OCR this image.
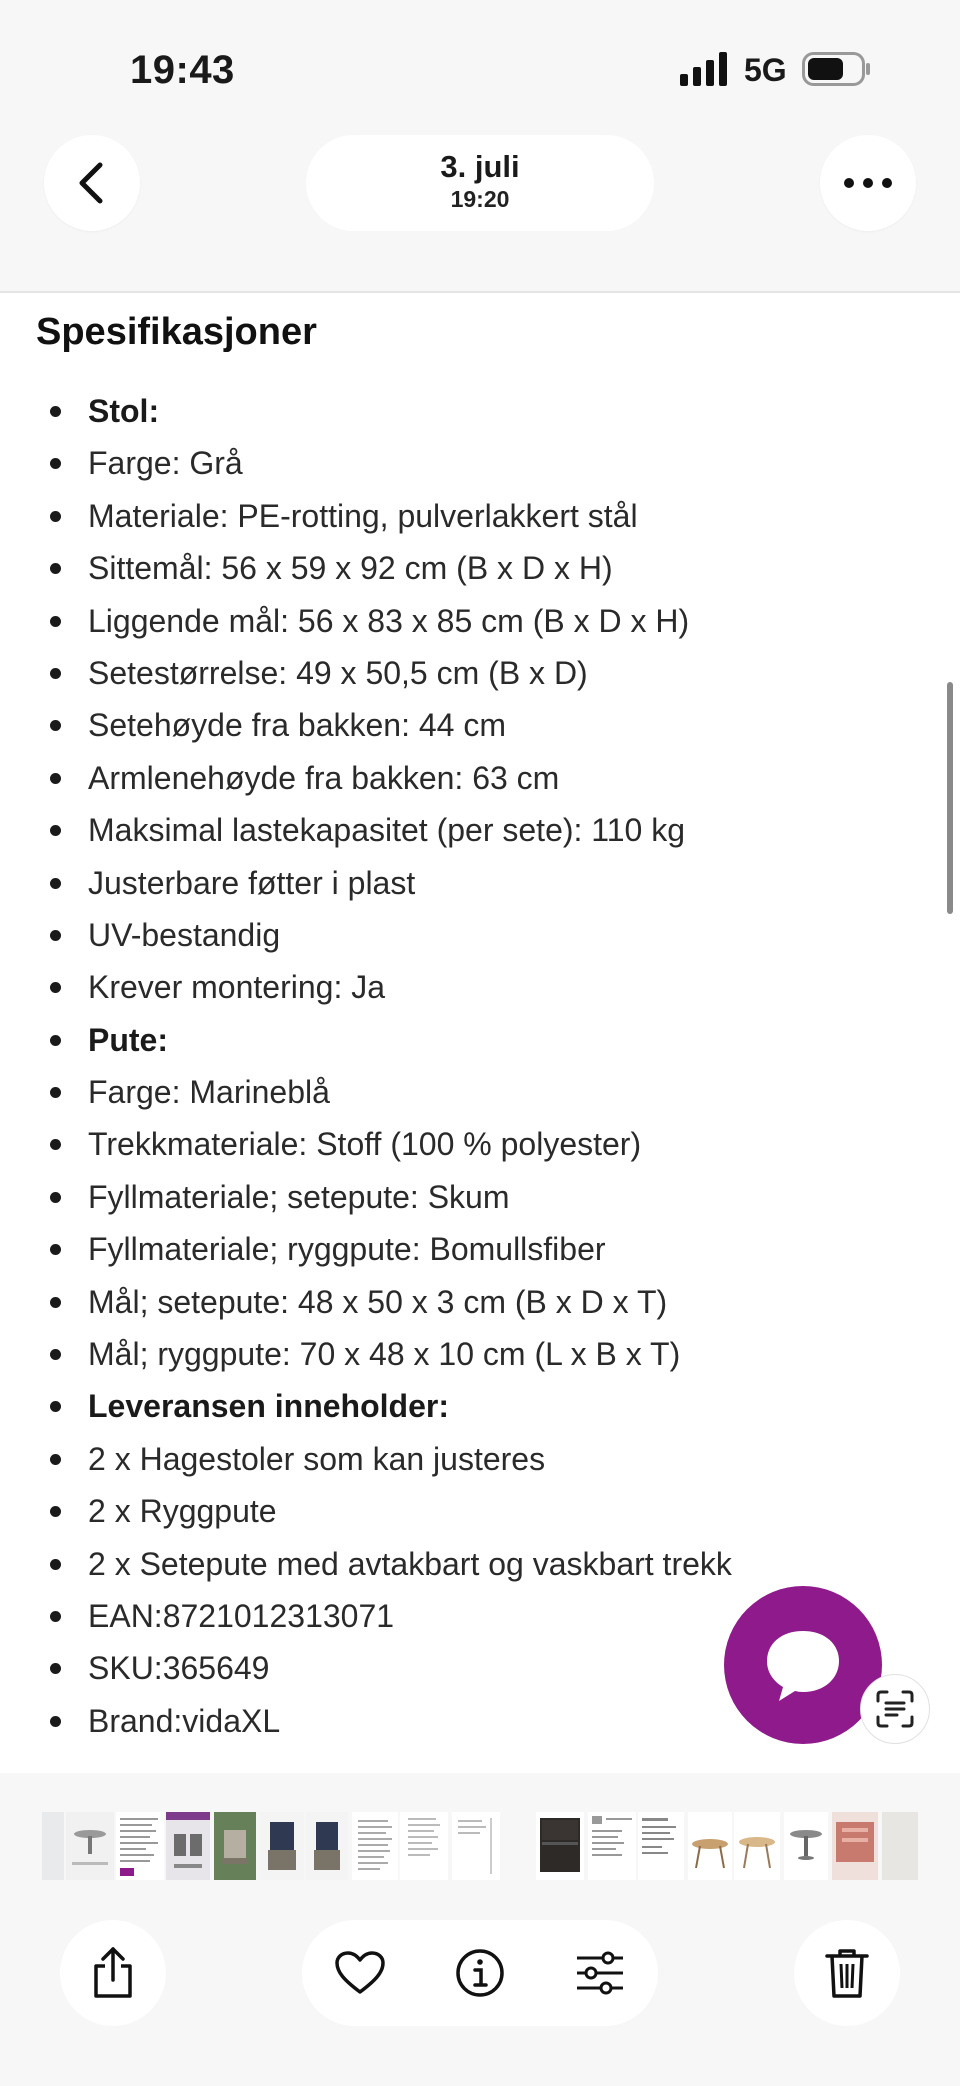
19:43	5G
3. juli
19:20
Spesifikasjoner
Stol:
Farge: Grå
Materiale: PE-rotting, pulverlakkert stål
Sittemål: 56 x 59 x 92 cm (B x D x H)
Liggende mål: 56 x 83 x 85 cm (B x D x H)
Setestørrelse: 49 x 50,5 cm (B x D)
Setehøyde fra bakken: 44 cm
Armlenehøyde fra bakken: 63 cm
Maksimal lastekapasitet (per sete): 110 kg
Justerbare føtter i plast
UV-bestandig
Krever montering: Ja
Pute:
Farge: Marineblå
Trekkmateriale: Stoff (100 % polyester)
Fyllmateriale; setepute: Skum
Fyllmateriale; ryggpute: Bomullsfiber
Mål; setepute: 48 x 50 x 3 cm (B x D x T)
Mål; ryggpute: 70 x 48 x 10 cm (L x B x T)
Leveransen inneholder:
2 x Hagestoler som kan justeres
2 x Ryggpute
2 x Setepute med avtakbart og vaskbart trekk
EAN:8721012313071
SKU:365649
Brand:vidaXL
